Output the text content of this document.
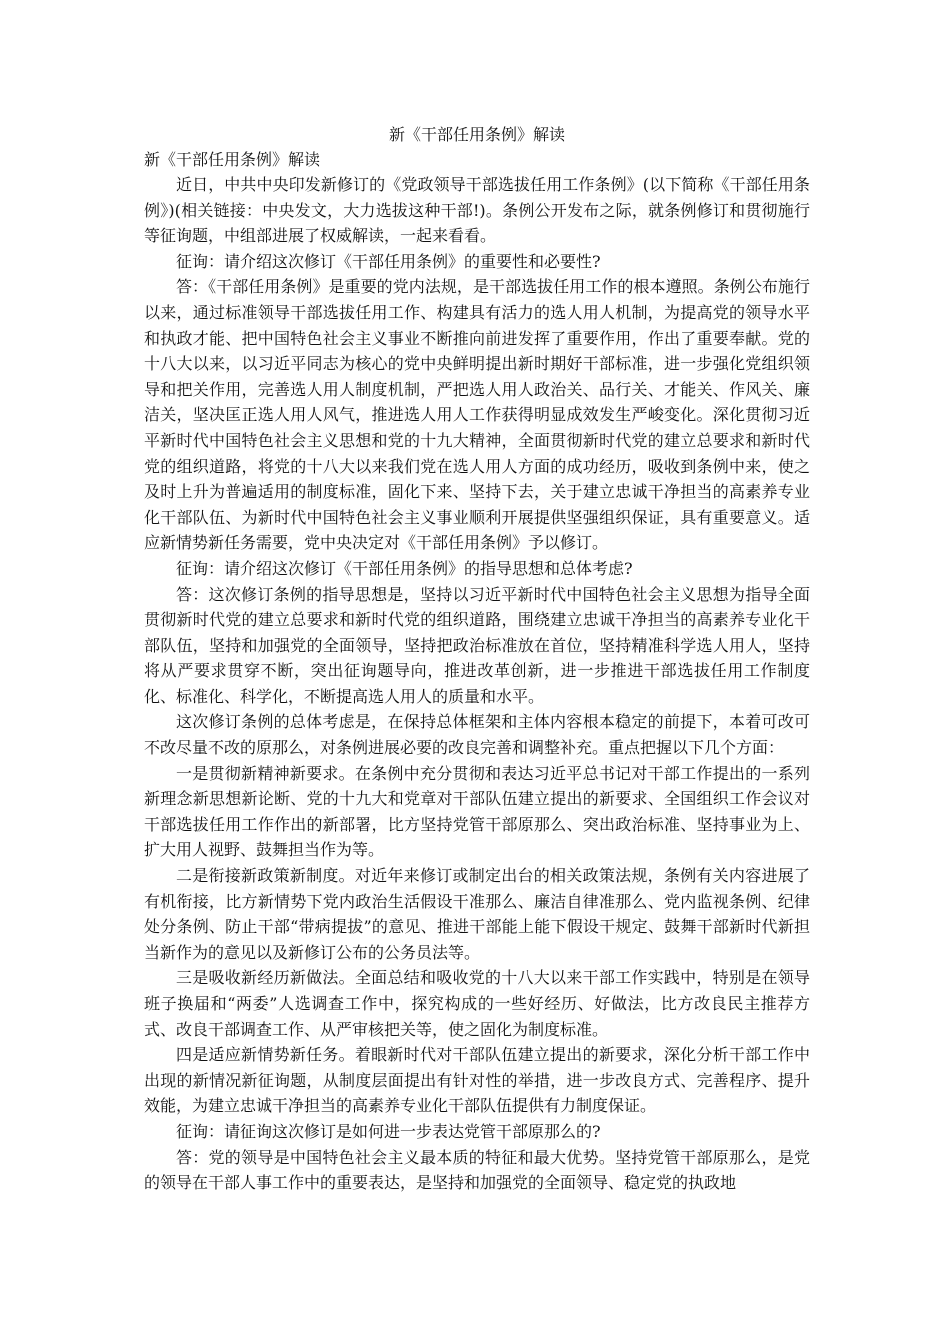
新《干部任用条例》解读

新《干部任用条例》解读

近日，中共中央印发新修订的《党政领导干部选拔任用工作条例》(以下简称《干部任用条例》)(相关链接：中央发文，大力选拔这种干部!)。条例公开发布之际，就条例修订和贯彻施行等征询题，中组部进展了权威解读，一起来看看。

征询：请介绍这次修订《干部任用条例》的重要性和必要性?

答：《干部任用条例》是重要的党内法规，是干部选拔任用工作的根本遵照。条例公布施行以来，通过标准领导干部选拔任用工作、构建具有活力的选人用人机制，为提高党的领导水平和执政才能、把中国特色社会主义事业不断推向前进发挥了重要作用，作出了重要奉献。党的十八大以来，以习近平同志为核心的党中央鲜明提出新时期好干部标准，进一步强化党组织领导和把关作用，完善选人用人制度机制，严把选人用人政治关、品行关、才能关、作风关、廉洁关，坚决匡正选人用人风气，推进选人用人工作获得明显成效发生严峻变化。深化贯彻习近平新时代中国特色社会主义思想和党的十九大精神，全面贯彻新时代党的建立总要求和新时代党的组织道路，将党的十八大以来我们党在选人用人方面的成功经历，吸收到条例中来，使之及时上升为普遍适用的制度标准，固化下来、坚持下去，关于建立忠诚干净担当的高素养专业化干部队伍、为新时代中国特色社会主义事业顺利开展提供坚强组织保证，具有重要意义。适应新情势新任务需要，党中央决定对《干部任用条例》予以修订。

征询：请介绍这次修订《干部任用条例》的指导思想和总体考虑?

答：这次修订条例的指导思想是，坚持以习近平新时代中国特色社会主义思想为指导全面贯彻新时代党的建立总要求和新时代党的组织道路，围绕建立忠诚干净担当的高素养专业化干部队伍，坚持和加强党的全面领导，坚持把政治标准放在首位，坚持精准科学选人用人，坚持将从严要求贯穿不断，突出征询题导向，推进改革创新，进一步推进干部选拔任用工作制度化、标准化、科学化，不断提高选人用人的质量和水平。

这次修订条例的总体考虑是，在保持总体框架和主体内容根本稳定的前提下，本着可改可不改尽量不改的原那么，对条例进展必要的改良完善和调整补充。重点把握以下几个方面：

一是贯彻新精神新要求。在条例中充分贯彻和表达习近平总书记对干部工作提出的一系列新理念新思想新论断、党的十九大和党章对干部队伍建立提出的新要求、全国组织工作会议对干部选拔任用工作作出的新部署，比方坚持党管干部原那么、突出政治标准、坚持事业为上、扩大用人视野、鼓舞担当作为等。

二是衔接新政策新制度。对近年来修订或制定出台的相关政策法规，条例有关内容进展了有机衔接，比方新情势下党内政治生活假设干准那么、廉洁自律准那么、党内监视条例、纪律处分条例、防止干部“带病提拔”的意见、推进干部能上能下假设干规定、鼓舞干部新时代新担当新作为的意见以及新修订公布的公务员法等。

三是吸收新经历新做法。全面总结和吸收党的十八大以来干部工作实践中，特别是在领导班子换届和“两委”人选调查工作中，探究构成的一些好经历、好做法，比方改良民主推荐方式、改良干部调查工作、从严审核把关等，使之固化为制度标准。

四是适应新情势新任务。着眼新时代对干部队伍建立提出的新要求，深化分析干部工作中出现的新情况新征询题，从制度层面提出有针对性的举措，进一步改良方式、完善程序、提升效能，为建立忠诚干净担当的高素养专业化干部队伍提供有力制度保证。

征询：请征询这次修订是如何进一步表达党管干部原那么的?

答：党的领导是中国特色社会主义最本质的特征和最大优势。坚持党管干部原那么，是党的领导在干部人事工作中的重要表达，是坚持和加强党的全面领导、稳定党的执政地
